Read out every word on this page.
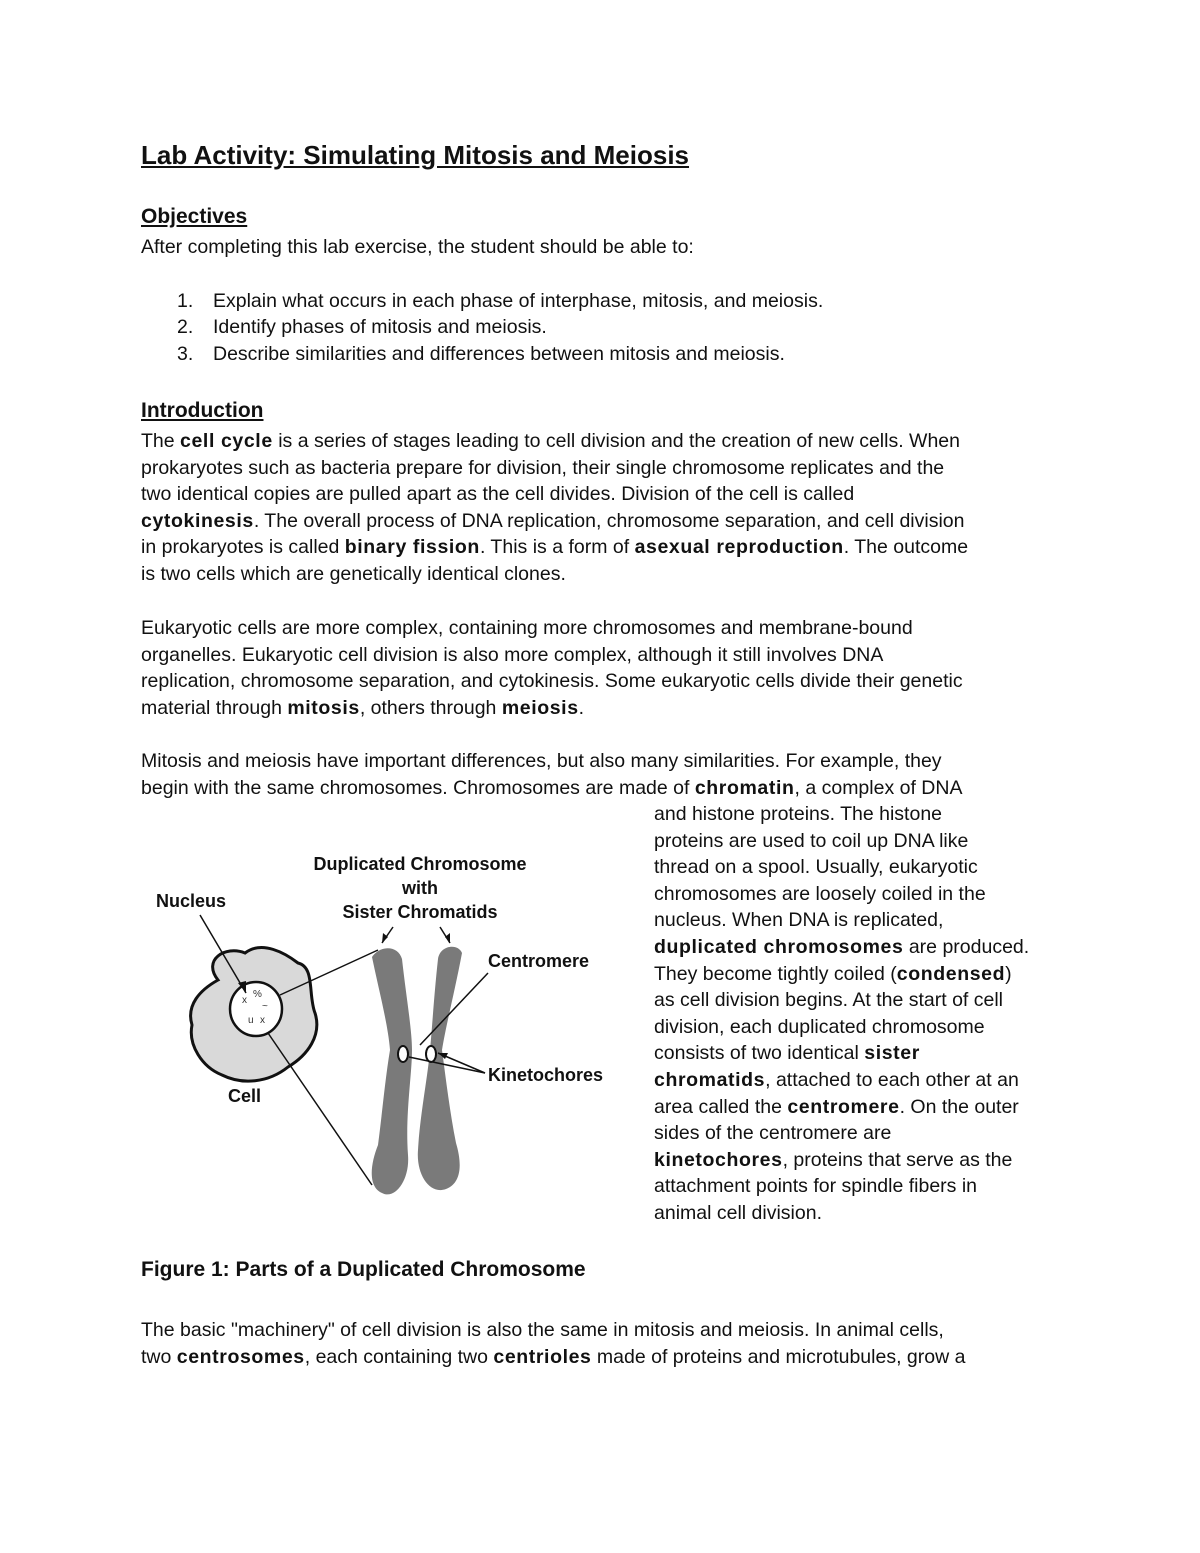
Lab Activity: Simulating Mitosis and Meiosis
Objectives
After completing this lab exercise, the student should be able to:
1. Explain what occurs in each phase of interphase, mitosis, and meiosis.
2. Identify phases of mitosis and meiosis.
3. Describe similarities and differences between mitosis and meiosis.
Introduction
The cell cycle is a series of stages leading to cell division and the creation of new cells. When
prokaryotes such as bacteria prepare for division, their single chromosome replicates and the
two identical copies are pulled apart as the cell divides. Division of the cell is called
cytokinesis. The overall process of DNA replication, chromosome separation, and cell division
in prokaryotes is called binary fission. This is a form of asexual reproduction. The outcome
is two cells which are genetically identical clones.
Eukaryotic cells are more complex, containing more chromosomes and membrane-bound
organelles. Eukaryotic cell division is also more complex, although it still involves DNA
replication, chromosome separation, and cytokinesis. Some eukaryotic cells divide their genetic
material through mitosis, others through meiosis.
Mitosis and meiosis have important differences, but also many similarities. For example, they
begin with the same chromosomes. Chromosomes are made of chromatin, a complex of DNA
and histone proteins. The histone
proteins are used to coil up DNA like
thread on a spool. Usually, eukaryotic
chromosomes are loosely coiled in the
nucleus. When DNA is replicated,
duplicated chromosomes are produced.
They become tightly coiled (condensed)
as cell division begins. At the start of cell
division, each duplicated chromosome
consists of two identical sister
chromatids, attached to each other at an
area called the centromere. On the outer
sides of the centromere are
kinetochores, proteins that serve as the
attachment points for spindle fibers in
animal cell division.
x
%
~
u x
Duplicated Chromosome
with
Sister Chromatids
Nucleus
Centromere
Kinetochores
Cell
Figure 1: Parts of a Duplicated Chromosome
The basic "machinery" of cell division is also the same in mitosis and meiosis. In animal cells,
two centrosomes, each containing two centrioles made of proteins and microtubules, grow a
